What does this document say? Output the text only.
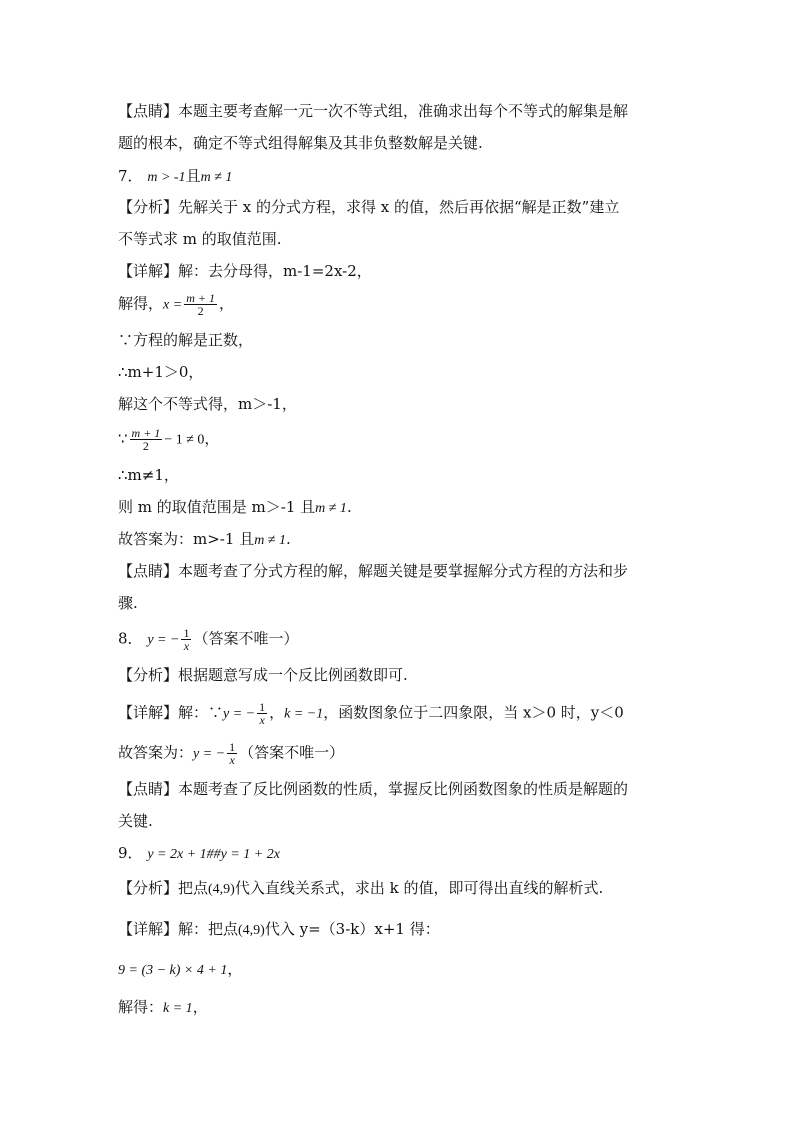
【点睛】本题主要考查解一元一次不等式组，准确求出每个不等式的解集是解
题的根本，确定不等式组得解集及其非负整数解是关键.
7． m > -1且m ≠ 1
【分析】先解关于 x 的分式方程，求得 x 的值，然后再依据“解是正数”建立
不等式求 m 的取值范围.
【详解】解：去分母得，m-1=2x-2，
解得，$x = \frac{m + 1}{2}$ ，
∵方程的解是正数，
∴m+1＞0，
解这个不等式得，m＞-1，
∵ $\frac{m + 1}{2} - 1 \ne 0$，
∴m≠1，
则 m 的取值范围是 m＞-1 且m ≠ 1.
故答案为：m>-1 且m ≠ 1.
【点睛】本题考查了分式方程的解，解题关键是要掌握解分式方程的方法和步
骤.
8． y = − $\frac{1}{x}$ （答案不唯一）
【分析】根据题意写成一个反比例函数即可.
【详解】解：∵y = − $\frac{1}{x}$ ，k = −1，函数图象位于二四象限，当 x＞0 时，y＜0
故答案为：y = − $\frac{1}{x}$ （答案不唯一）
【点睛】本题考查了反比例函数的性质，掌握反比例函数图象的性质是解题的
关键.
9． y = 2x + 1##y = 1 + 2x
【分析】把点(4,9)代入直线关系式，求出 k 的值，即可得出直线的解析式.
【详解】解：把点(4,9)代入 y=（3-k）x+1 得：
9 = (3 − k) × 4 + 1，
解得：k = 1，
